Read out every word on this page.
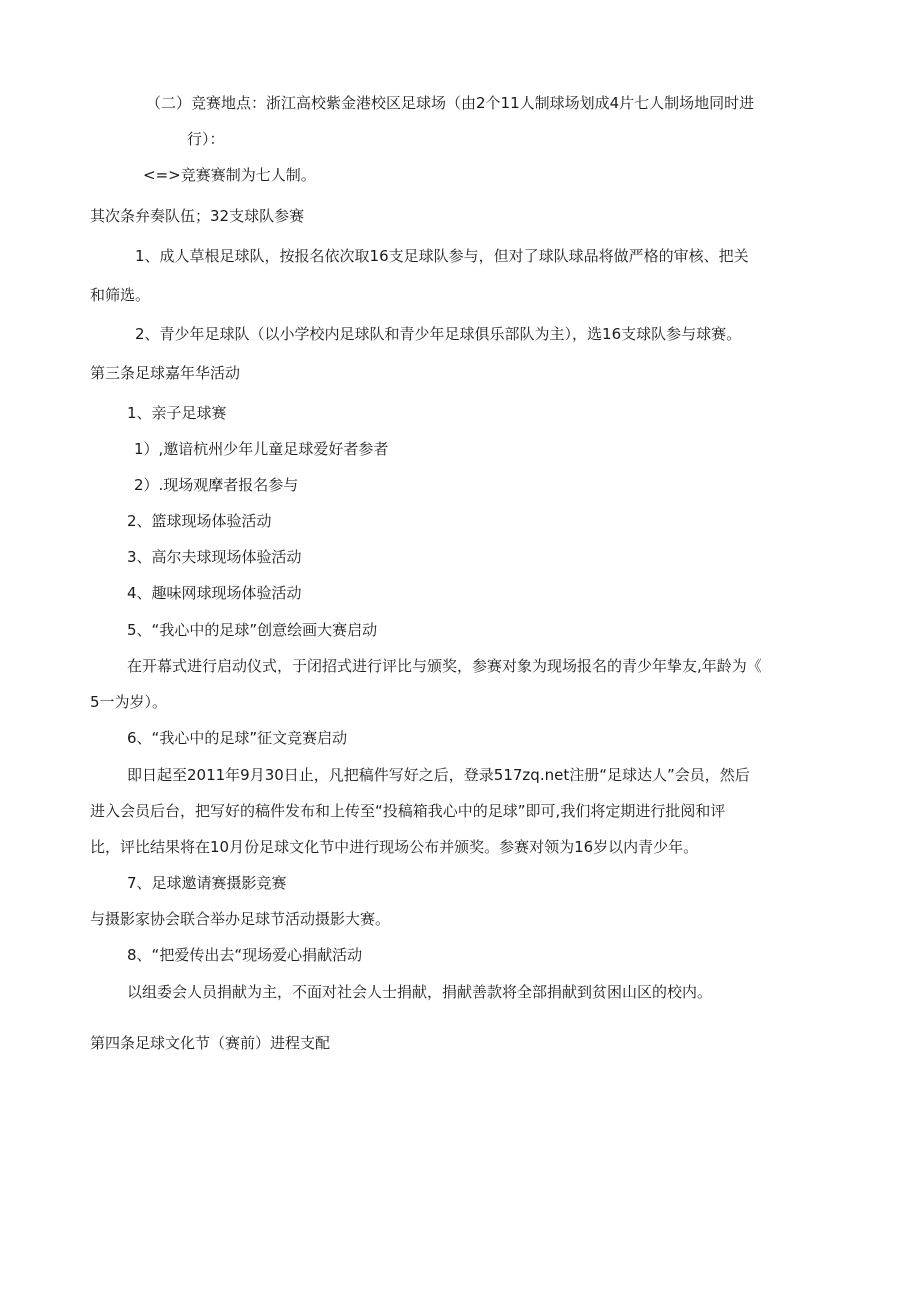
（二）竞赛地点：浙江高校紫金港校区足球场（由2个11人制球场划成4片七人制场地同时进
行）：
<=>竞赛赛制为七人制。
其次条弁奏队伍；32支球队参赛
1、成人草根足球队，按报名依次取16支足球队参与，但对了球队球品将做严格的审核、把关
和筛选。
2、青少年足球队（以小学校内足球队和青少年足球俱乐部队为主），选16支球队参与球赛。
第三条足球嘉年华活动
1、亲子足球赛
1）,邀谙杭州少年儿童足球爱好者参者
2）.现场观摩者报名参与
2、篮球现场体验活动
3、高尔夫球现场体验活动
4、趣味网球现场体验活动
5、“我心中的足球”创意绘画大赛启动
在开幕式进行启动仪式，于闭招式进行评比与颁奖，参赛对象为现场报名的青少年挚友,年龄为《
5一为岁）。
6、“我心中的足球”征文竞赛启动
即日起至2011年9月30日止，凡把稿件写好之后，登录517zq.net注册“足球达人”会员，然后
进入会员后台，把写好的稿件发布和上传至“投稿箱我心中的足球”即可,我们将定期进行批阅和评
比，评比结果将在10月份足球文化节中进行现场公布并颁奖。参赛对领为16岁以内青少年。
7、足球邀请赛摄影竞赛
与摄影家协会联合举办足球节活动摄影大赛。
8、“把爱传出去“现场爱心捐献活动
以组委会人员捐献为主，不面对社会人士捐献，捐献善款将全部捐献到贫困山区的校内。
第四条足球文化节（赛前）进程支配
